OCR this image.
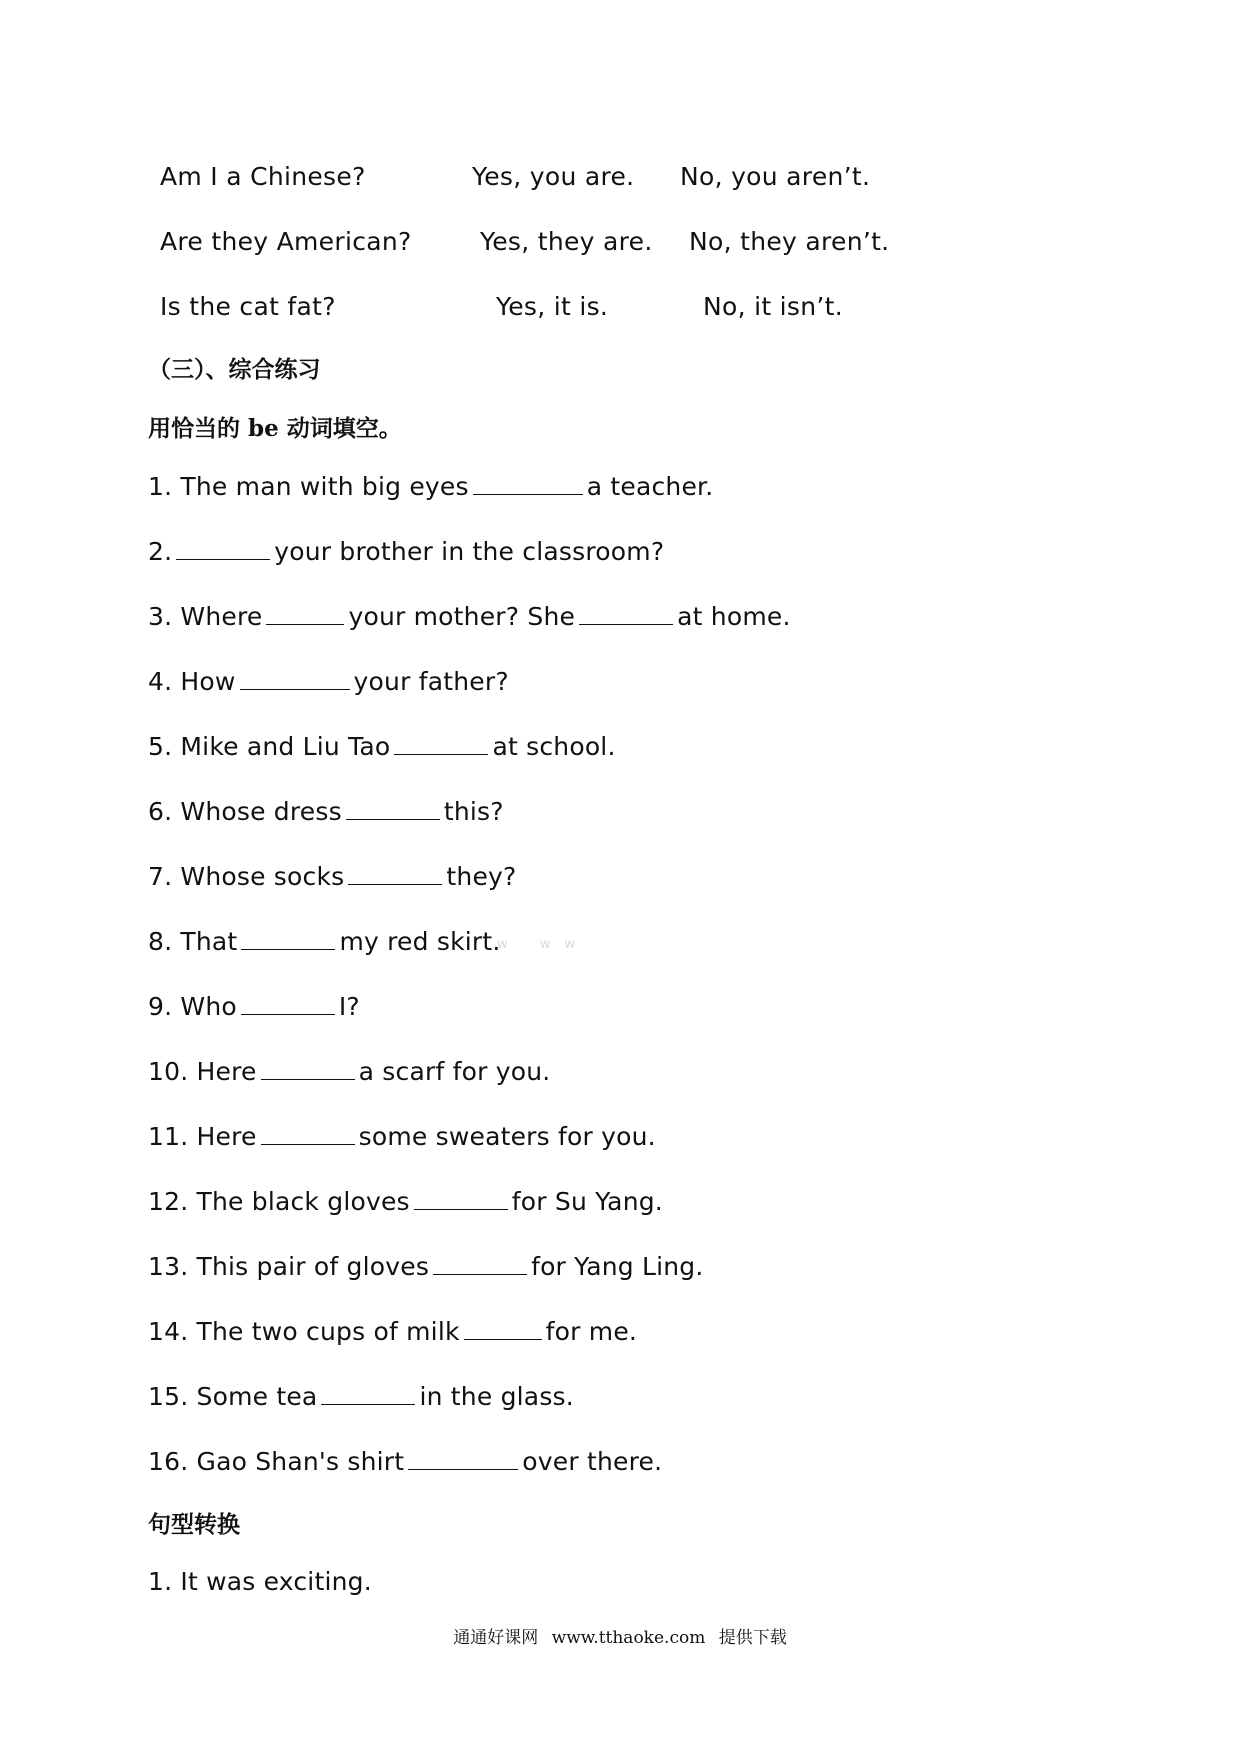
Am I a Chinese?	Yes, you are. No, you aren’t.
Are they American?	Yes, they are. No, they aren’t.
Is the cat fat?	Yes, it is.	No, it isn’t.
（三）、综合练习
用恰当的 be 动词填空。
1. The man with big eyes	a teacher.
2.	your brother in the classroom?
3. Where	your mother? She	at home.
4. How	your father?
5. Mike and Liu Tao	at school.
6. Whose dress	this?
7. Whose socks	they?
8. That	my red skirt.
w ww
9. Who	I?
10. Here	a scarf for you.
11. Here	some sweaters for you.
12. The black gloves	for Su Yang.
13. This pair of gloves	for Yang Ling.
14. The two cups of milk	for me.
15. Some tea	in the glass.
16. Gao Shan's shirt	over there.
句型转换
1. It was exciting.
通通好课网 www.tthaoke.com 提供下载
